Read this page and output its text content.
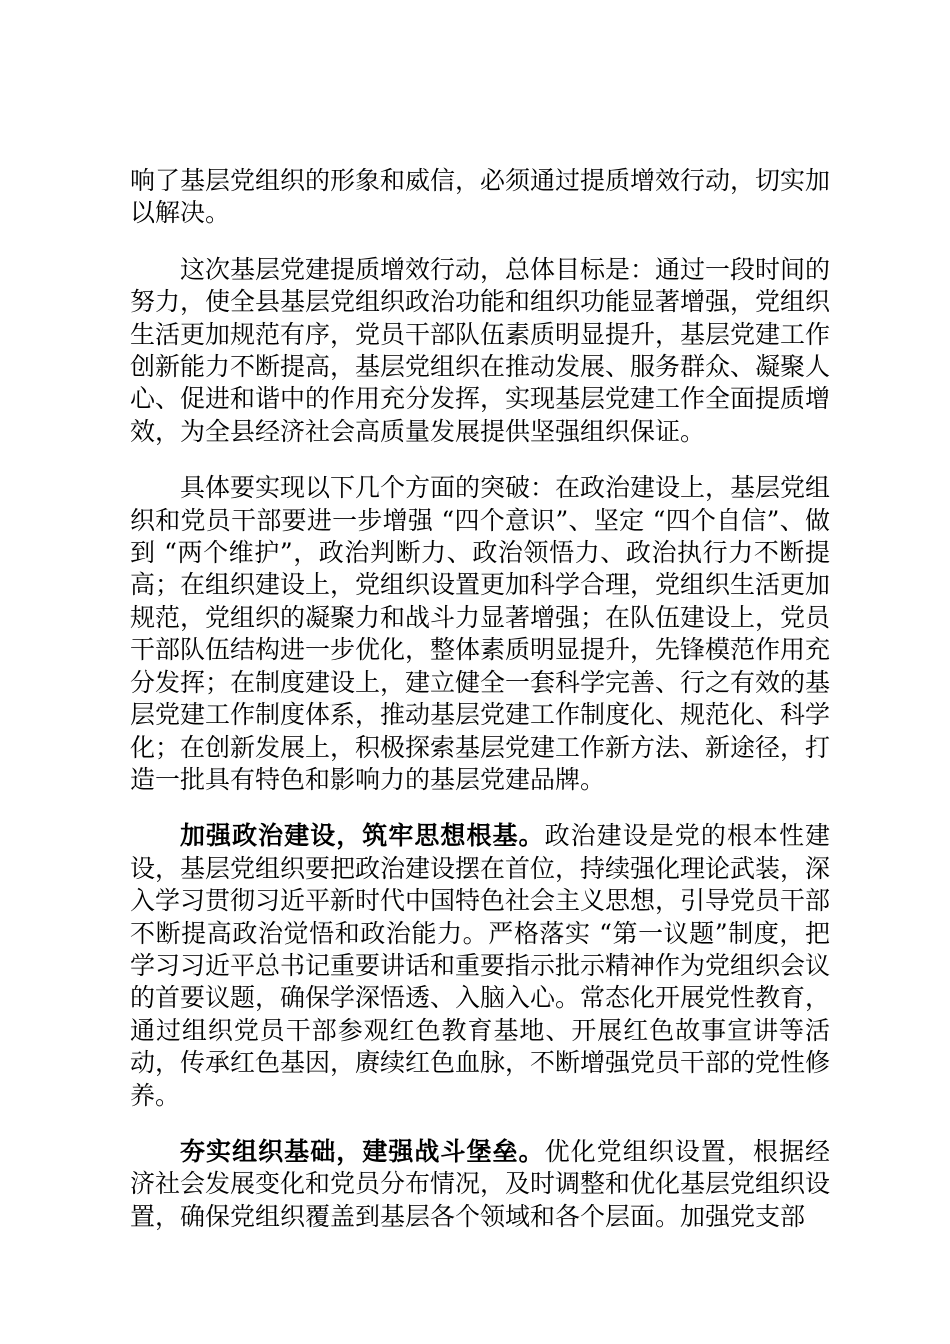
响了基层党组织的形象和威信，必须通过提质增效行动，切实加以解决。

这次基层党建提质增效行动，总体目标是：通过一段时间的努力，使全县基层党组织政治功能和组织功能显著增强，党组织生活更加规范有序，党员干部队伍素质明显提升，基层党建工作创新能力不断提高，基层党组织在推动发展、服务群众、凝聚人心、促进和谐中的作用充分发挥，实现基层党建工作全面提质增效，为全县经济社会高质量发展提供坚强组织保证。

具体要实现以下几个方面的突破：在政治建设上，基层党组织和党员干部要进一步增强 “四个意识”、坚定 “四个自信”、做到 “两个维护”，政治判断力、政治领悟力、政治执行力不断提高；在组织建设上，党组织设置更加科学合理，党组织生活更加规范，党组织的凝聚力和战斗力显著增强；在队伍建设上，党员干部队伍结构进一步优化，整体素质明显提升，先锋模范作用充分发挥；在制度建设上，建立健全一套科学完善、行之有效的基层党建工作制度体系，推动基层党建工作制度化、规范化、科学化；在创新发展上，积极探索基层党建工作新方法、新途径，打造一批具有特色和影响力的基层党建品牌。

加强政治建设，筑牢思想根基。政治建设是党的根本性建设，基层党组织要把政治建设摆在首位，持续强化理论武装，深入学习贯彻习近平新时代中国特色社会主义思想，引导党员干部不断提高政治觉悟和政治能力。严格落实 “第一议题”制度，把学习习近平总书记重要讲话和重要指示批示精神作为党组织会议的首要议题，确保学深悟透、入脑入心。常态化开展党性教育，通过组织党员干部参观红色教育基地、开展红色故事宣讲等活动，传承红色基因，赓续红色血脉，不断增强党员干部的党性修养。

夯实组织基础，建强战斗堡垒。优化党组织设置，根据经济社会发展变化和党员分布情况，及时调整和优化基层党组织设置，确保党组织覆盖到基层各个领域和各个层面。加强党支部
